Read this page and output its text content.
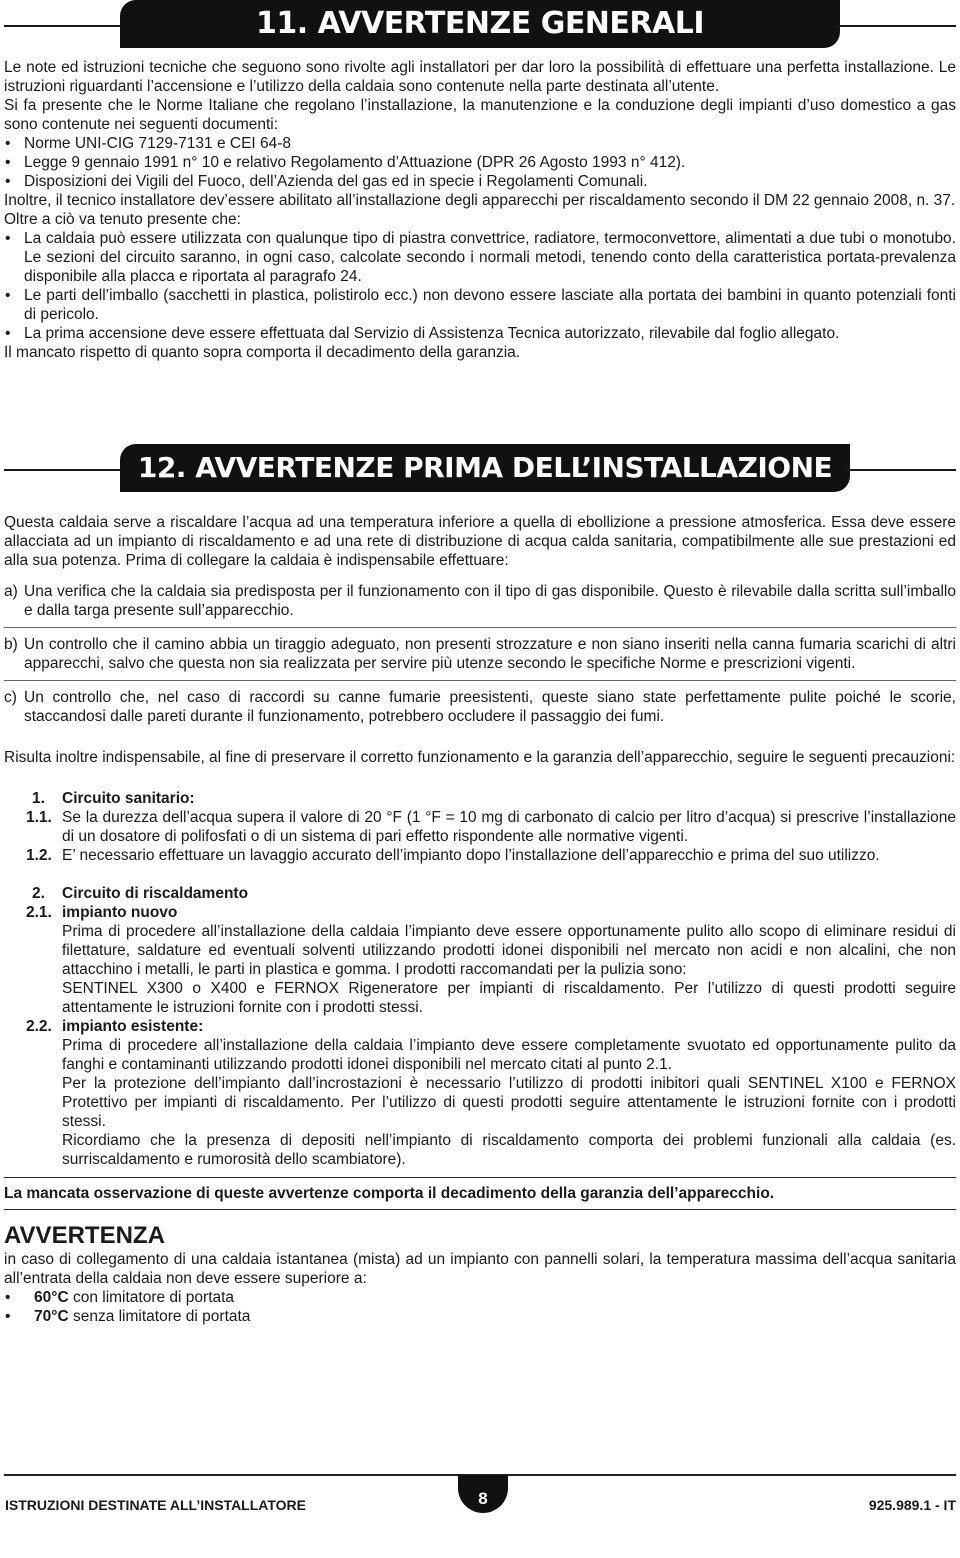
11. AVVERTENZE GENERALI

Le note ed istruzioni tecniche che seguono sono rivolte agli installatori per dar loro la possibilità di effettuare una perfetta installazione. Le istruzioni riguardanti l’accensione e l’utilizzo della caldaia sono contenute nella parte destinata all’utente.

Si fa presente che le Norme Italiane che regolano l’installazione, la manutenzione e la conduzione degli impianti d’uso domestico a gas sono contenute nei seguenti documenti:

• Norme UNI-CIG 7129-7131 e CEI 64-8
• Legge 9 gennaio 1991 n° 10 e relativo Regolamento d’Attuazione (DPR 26 Agosto 1993 n° 412).
• Disposizioni dei Vigili del Fuoco, dell’Azienda del gas ed in specie i Regolamenti Comunali.

Inoltre, il tecnico installatore dev’essere abilitato all’installazione degli apparecchi per riscaldamento secondo il DM 22 gennaio 2008, n. 37.

Oltre a ciò va tenuto presente che:

• La caldaia può essere utilizzata con qualunque tipo di piastra convettrice, radiatore, termoconvettore, alimentati a due tubi o monotubo. Le sezioni del circuito saranno, in ogni caso, calcolate secondo i normali metodi, tenendo conto della caratteristica portata-prevalenza disponibile alla placca e riportata al paragrafo 24.
• Le parti dell’imballo (sacchetti in plastica, polistirolo ecc.) non devono essere lasciate alla portata dei bambini in quanto potenziali fonti di pericolo.
• La prima accensione deve essere effettuata dal Servizio di Assistenza Tecnica autorizzato, rilevabile dal foglio allegato.

Il mancato rispetto di quanto sopra comporta il decadimento della garanzia.

12. AVVERTENZE PRIMA DELL’INSTALLAZIONE

Questa caldaia serve a riscaldare l’acqua ad una temperatura inferiore a quella di ebollizione a pressione atmosferica. Essa deve essere allacciata ad un impianto di riscaldamento e ad una rete di distribuzione di acqua calda sanitaria, compatibilmente alle sue prestazioni ed alla sua potenza. Prima di collegare la caldaia è indispensabile effettuare:

a) Una verifica che la caldaia sia predisposta per il funzionamento con il tipo di gas disponibile. Questo è rilevabile dalla scritta sull’imballo e dalla targa presente sull’apparecchio.
b) Un controllo che il camino abbia un tiraggio adeguato, non presenti strozzature e non siano inseriti nella canna fumaria scarichi di altri apparecchi, salvo che questa non sia realizzata per servire più utenze secondo le specifiche Norme e prescrizioni vigenti.
c) Un controllo che, nel caso di raccordi su canne fumarie preesistenti, queste siano state perfettamente pulite poiché le scorie, staccandosi dalle pareti durante il funzionamento, potrebbero occludere il passaggio dei fumi.

Risulta inoltre indispensabile, al fine di preservare il corretto funzionamento e la garanzia dell’apparecchio, seguire le seguenti precauzioni:

1. Circuito sanitario:
1.1. Se la durezza dell’acqua supera il valore di 20 °F (1 °F = 10 mg di carbonato di calcio per litro d’acqua) si prescrive l’installazione di un dosatore di polifosfati o di un sistema di pari effetto rispondente alle normative vigenti.
1.2. E’ necessario effettuare un lavaggio accurato dell’impianto dopo l’installazione dell’apparecchio e prima del suo utilizzo.
2. Circuito di riscaldamento
2.1. impianto nuovo

Prima di procedere all’installazione della caldaia l’impianto deve essere opportunamente pulito allo scopo di eliminare residui di filettature, saldature ed eventuali solventi utilizzando prodotti idonei disponibili nel mercato non acidi e non alcalini, che non attacchino i metalli, le parti in plastica e gomma. I prodotti raccomandati per la pulizia sono:

SENTINEL X300 o X400 e FERNOX Rigeneratore per impianti di riscaldamento. Per l’utilizzo di questi prodotti seguire attentamente le istruzioni fornite con i prodotti stessi.

2.2. impianto esistente:

Prima di procedere all’installazione della caldaia l’impianto deve essere completamente svuotato ed opportunamente pulito da fanghi e contaminanti utilizzando prodotti idonei disponibili nel mercato citati al punto 2.1.

Per la protezione dell’impianto dall’incrostazioni è necessario l’utilizzo di prodotti inibitori quali SENTINEL X100 e FERNOX Protettivo per impianti di riscaldamento. Per l’utilizzo di questi prodotti seguire attentamente le istruzioni fornite con i prodotti stessi.

Ricordiamo che la presenza di depositi nell’impianto di riscaldamento comporta dei problemi funzionali alla caldaia (es. surriscaldamento e rumorosità dello scambiatore).

La mancata osservazione di queste avvertenze comporta il decadimento della garanzia dell’apparecchio.

AVVERTENZA

in caso di collegamento di una caldaia istantanea (mista) ad un impianto con pannelli solari, la temperatura massima dell’acqua sanitaria all’entrata della caldaia non deve essere superiore a:

• 60°C con limitatore di portata
• 70°C senza limitatore di portata
ISTRUZIONI DESTINATE ALL’INSTALLATORE	8	925.989.1 - IT
